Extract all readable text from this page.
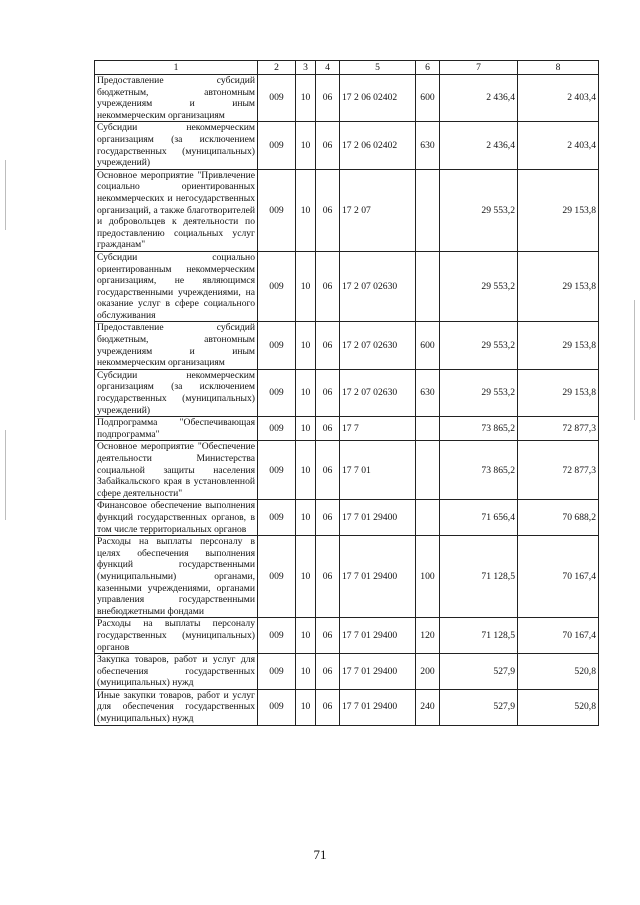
1	2	3	4	5	6	7	8
Предоставление субсидий бюджетным, автономным учреждениям и иным некоммерческим организациям	009	10	06	17 2 06 02402	600	2 436,4	2 403,4
Субсидии некоммерческим организациям (за исключением государственных (муниципальных) учреждений)	009	10	06	17 2 06 02402	630	2 436,4	2 403,4
Основное мероприятие "Привлечение социально ориентированных некоммерческих и негосударственных организаций, а также благотворителей и добровольцев к деятельности по предоставлению социальных услуг гражданам"	009	10	06	17 2 07		29 553,2	29 153,8
Субсидии социально ориентированным некоммерческим организациям, не являющимся государственными учреждениями, на оказание услуг в сфере социального обслуживания	009	10	06	17 2 07 02630		29 553,2	29 153,8
Предоставление субсидий бюджетным, автономным учреждениям и иным некоммерческим организациям	009	10	06	17 2 07 02630	600	29 553,2	29 153,8
Субсидии некоммерческим организациям (за исключением государственных (муниципальных) учреждений)	009	10	06	17 2 07 02630	630	29 553,2	29 153,8
Подпрограмма "Обеспечивающая подпрограмма"	009	10	06	17 7		73 865,2	72 877,3
Основное мероприятие "Обеспечение деятельности Министерства социальной защиты населения Забайкальского края в установленной сфере деятельности"	009	10	06	17 7 01		73 865,2	72 877,3
Финансовое обеспечение выполнения функций государственных органов, в том числе территориальных органов	009	10	06	17 7 01 29400		71 656,4	70 688,2
Расходы на выплаты персоналу в целях обеспечения выполнения функций государственными (муниципальными) органами, казенными учреждениями, органами управления государственными внебюджетными фондами	009	10	06	17 7 01 29400	100	71 128,5	70 167,4
Расходы на выплаты персоналу государственных (муниципальных) органов	009	10	06	17 7 01 29400	120	71 128,5	70 167,4
Закупка товаров, работ и услуг для обеспечения государственных (муниципальных) нужд	009	10	06	17 7 01 29400	200	527,9	520,8
Иные закупки товаров, работ и услуг для обеспечения государственных (муниципальных) нужд	009	10	06	17 7 01 29400	240	527,9	520,8
71
